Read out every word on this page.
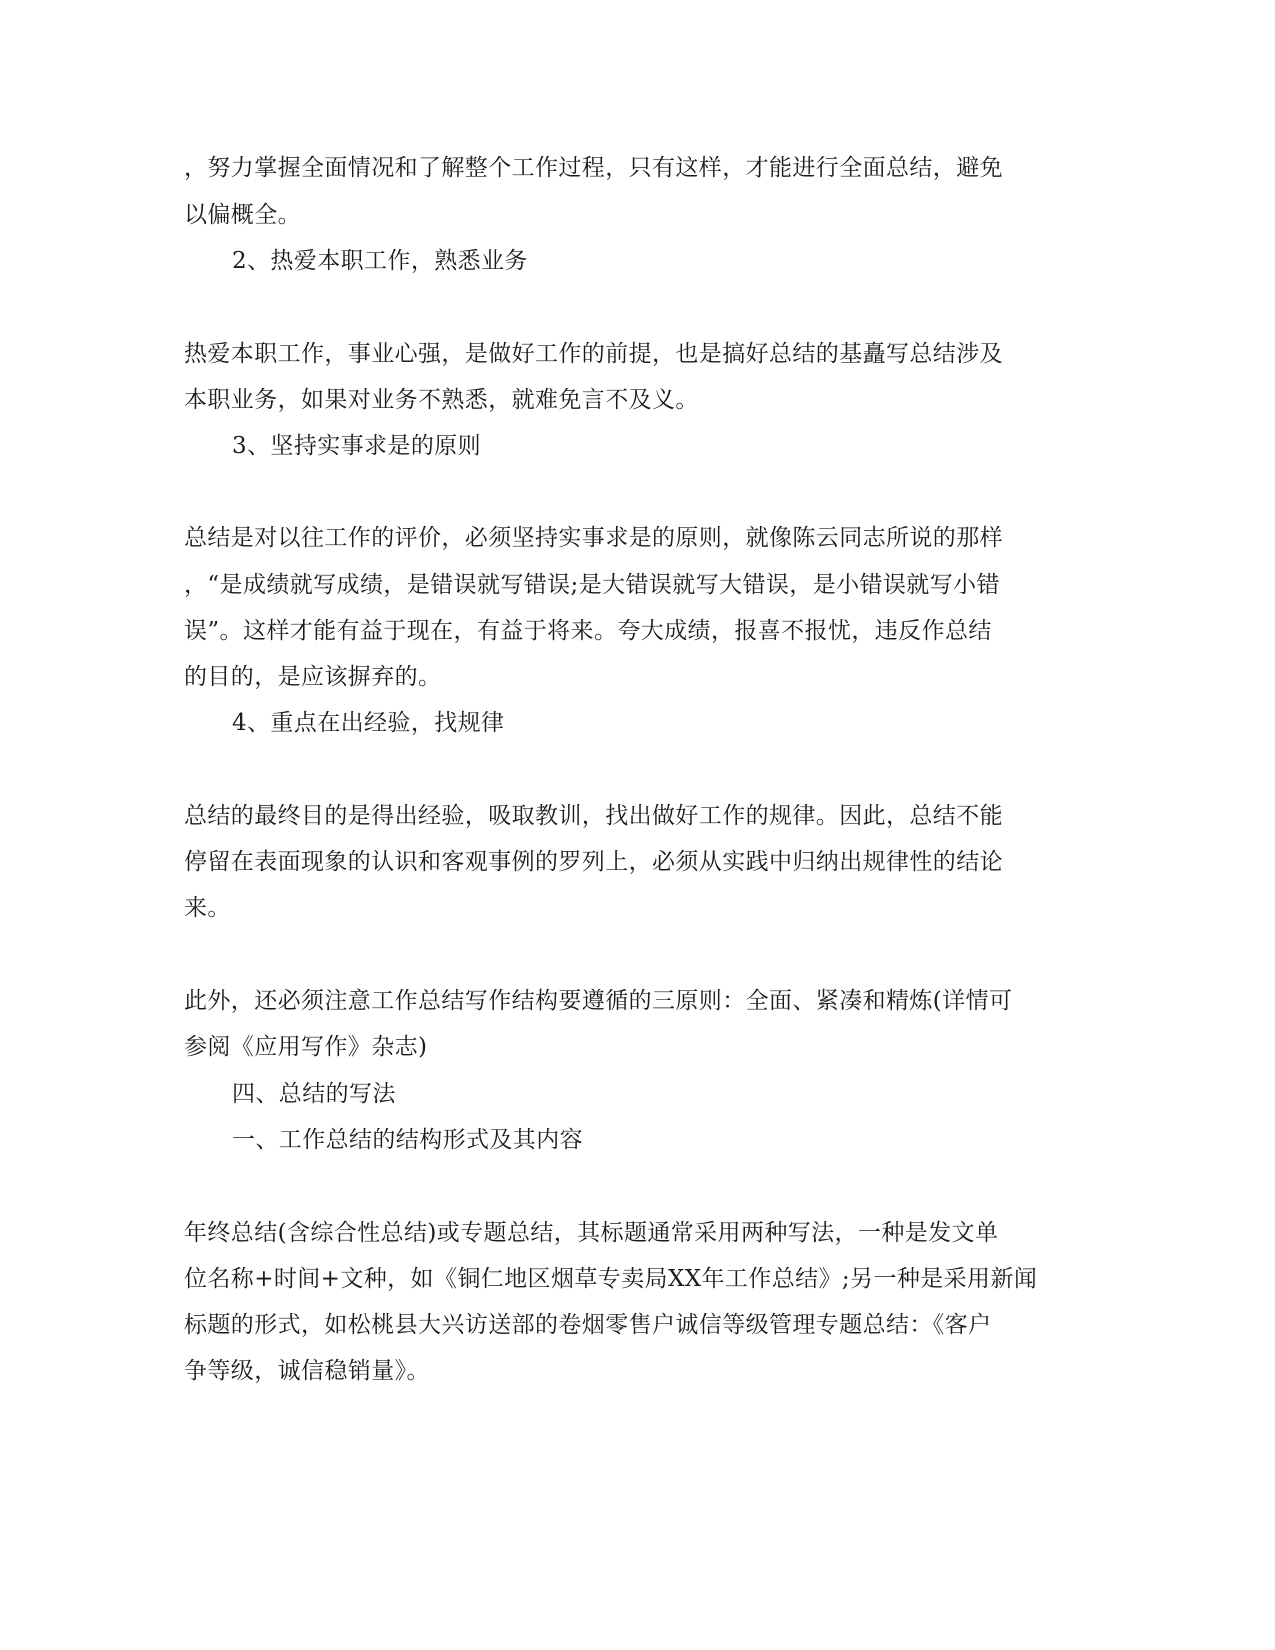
，努力掌握全面情况和了解整个工作过程，只有这样，才能进行全面总结，避免
以偏概全。
2、热爱本职工作，熟悉业务
热爱本职工作，事业心强，是做好工作的前提，也是搞好总结的基矗写总结涉及
本职业务，如果对业务不熟悉，就难免言不及义。
3、坚持实事求是的原则
总结是对以往工作的评价，必须坚持实事求是的原则，就像陈云同志所说的那样
，“是成绩就写成绩，是错误就写错误;是大错误就写大错误，是小错误就写小错
误”。这样才能有益于现在，有益于将来。夸大成绩，报喜不报忧，违反作总结
的目的，是应该摒弃的。
4、重点在出经验，找规律
总结的最终目的是得出经验，吸取教训，找出做好工作的规律。因此，总结不能
停留在表面现象的认识和客观事例的罗列上，必须从实践中归纳出规律性的结论
来。
此外，还必须注意工作总结写作结构要遵循的三原则：全面、紧凑和精炼(详情可
参阅《应用写作》杂志)
四、总结的写法
一、工作总结的结构形式及其内容
年终总结(含综合性总结)或专题总结，其标题通常采用两种写法，一种是发文单
位名称+时间+文种，如《铜仁地区烟草专卖局XX年工作总结》;另一种是采用新闻
标题的形式，如松桃县大兴访送部的卷烟零售户诚信等级管理专题总结：《客户
争等级，诚信稳销量》。
